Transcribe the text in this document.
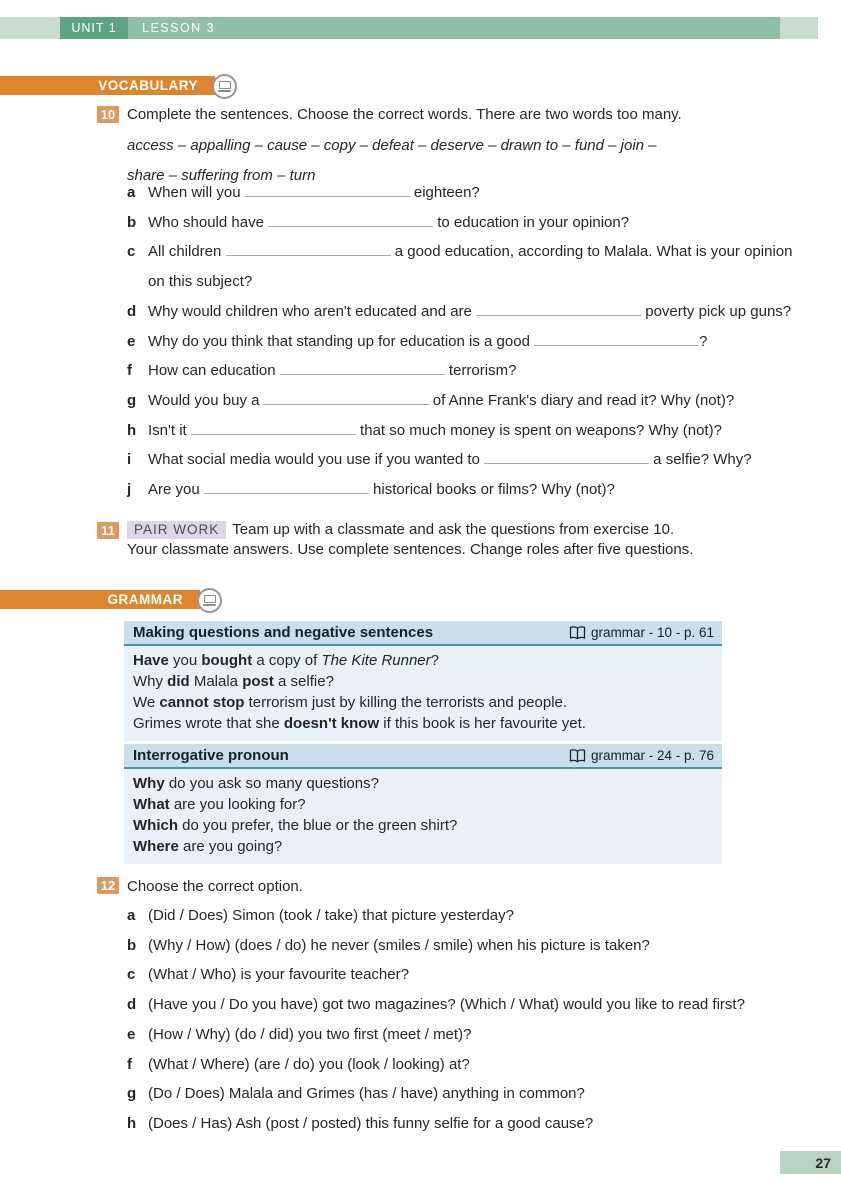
UNIT 1	LESSON 3
VOCABULARY
10 Complete the sentences. Choose the correct words. There are two words too many.
access – appalling – cause – copy – defeat – deserve – drawn to – fund – join – share – suffering from – turn
a When will you	eighteen?
b Who should have	to education in your opinion?
c All children	a good education, according to Malala. What is your opinion on this subject?
d Why would children who aren't educated and are	poverty pick up guns?
e Why do you think that standing up for education is a good	?
f	How can education	terrorism?
g Would you buy a	of Anne Frank's diary and read it? Why (not)?
h Isn't it	that so much money is spent on weapons? Why (not)?
i	What social media would you use if you wanted to	a selfie? Why?
j	Are you	historical books or films? Why (not)?
11	PAIR WORK Team up with a classmate and ask the questions from exercise 10.
Your classmate answers. Use complete sentences. Change roles after five questions.
GRAMMAR
Making questions and negative sentences	grammar - 10 - p. 61
Have you bought a copy of The Kite Runner?
Why did Malala post a selfie?
We cannot stop terrorism just by killing the terrorists and people.
Grimes wrote that she doesn't know if this book is her favourite yet.
Interrogative pronoun	grammar - 24 - p. 76
Why do you ask so many questions?
What are you looking for?
Which do you prefer, the blue or the green shirt?
Where are you going?
12 Choose the correct option.
a (Did / Does) Simon (took / take) that picture yesterday?
b (Why / How) (does / do) he never (smiles / smile) when his picture is taken?
c (What / Who) is your favourite teacher?
d (Have you / Do you have) got two magazines? (Which / What) would you like to read first?
e (How / Why) (do / did) you two first (meet / met)?
f	(What / Where) (are / do) you (look / looking) at?
g (Do / Does) Malala and Grimes (has / have) anything in common?
h (Does / Has) Ash (post / posted) this funny selfie for a good cause?
27
